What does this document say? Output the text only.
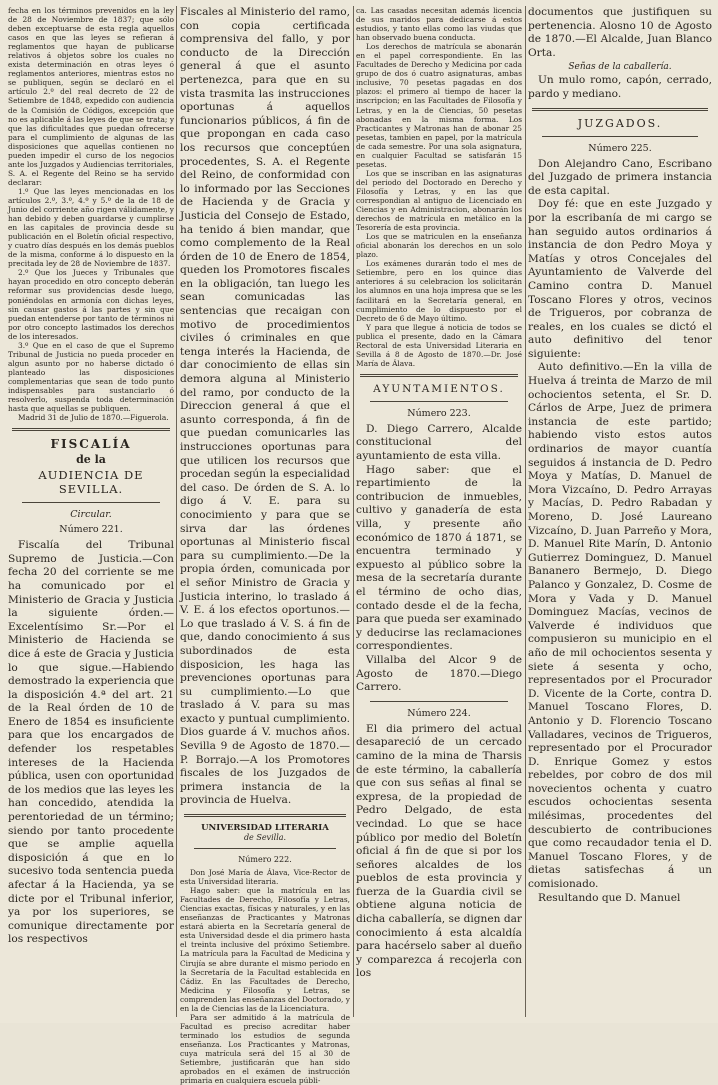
fecha en los términos prevenidos en la ley de 28 de Noviembre de 1837; que sólo deben exceptuarse de esta regla aquellos casos en que las leyes se refieran á reglamentos que hayan de publicarse relativos á objetos sobre los cuales no exista determinación en otras leyes ó reglamentos anteriores, mientras estos no se publiquen, según se declaró en el artículo 2.º del real decreto de 22 de Setiembre de 1848, expedido con audiencia de la Comisión de Códigos, excepción que no es aplicable á las leyes de que se trata; y que las dificultades que puedan ofrecerse para el cumplimiento de algunas de las disposiciones que aquellas contienen no pueden impedir el curso de los negocios ante los Juzgados y Audiencias territoriales, S. A. el Regente del Reino se ha servido declarar:

1.º Que las leyes mencionadas en los artículos 2.º, 3.º, 4.º y 5.º de la de 18 de Junio del corriente año rigen válidamente, y han debido y deben guardarse y cumplirse en las capitales de provincia desde su publicación en el Boletín oficial respectivo, y cuatro días después en los demás pueblos de la misma, conforme á lo dispuesto en la precitada ley de 28 de Noviembre de 1837.

2.º Que los Jueces y Tribunales que hayan procedido en otro concepto deberán reformar sus providencias desde luego, poniéndolas en armonía con dichas leyes, sin causar gastos á las partes y sin que puedan entenderse por tanto de términos ni por otro concepto lastimados los derechos de los interesados.

3.º Que en el caso de que el Supremo Tribunal de Justicia no pueda proceder en algun asunto por no haberse dictado ó planteado las disposiciones complementarias que sean de todo punto indispensables para sustanciarlo ó resolverlo, suspenda toda determinación hasta que aquellas se publiquen.

Madrid 31 de Julio de 1870.—Figuerola.

FISCALÍA
de la
AUDIENCIA DE SEVILLA.
Circular.
Número 221.

Fiscalía del Tribunal Supremo de Justicia.—Con fecha 20 del corriente se me ha comunicado por el Ministerio de Gracia y Justicia la siguiente órden.—Excelentísimo Sr.—Por el Ministerio de Hacienda se dice á este de Gracia y Justicia lo que sigue.—Habiendo demostrado la experiencia que la disposición 4.ª del art. 21 de la Real órden de 10 de Enero de 1854 es insuficiente para que los encargados de defender los respetables intereses de la Hacienda pública, usen con oportunidad de los medios que las leyes les han concedido, atendida la perentoriedad de un término; siendo por tanto procedente que se amplie aquella disposición á que en lo sucesivo toda sentencia pueda afectar á la Hacienda, ya se dicte por el Tribunal inferior, ya por los superiores, se comunique directamente por los respectivos

Fiscales al Ministerio del ramo, con copia certificada comprensiva del fallo, y por conducto de la Dirección general á que el asunto pertenezca, para que en su vista trasmita las instrucciones oportunas á aquellos funcionarios públicos, á fin de que propongan en cada caso los recursos que conceptúen procedentes, S. A. el Regente del Reino, de conformidad con lo informado por las Secciones de Hacienda y de Gracia y Justicia del Consejo de Estado, ha tenido á bien mandar, que como complemento de la Real órden de 10 de Enero de 1854, queden los Promotores fiscales en la obligación, tan luego les sean comunicadas las sentencias que recaigan con motivo de procedimientos civiles ó criminales en que tenga interés la Hacienda, de dar conocimiento de ellas sin demora alguna al Ministerio del ramo, por conducto de la Direccion general á que el asunto corresponda, á fin de que puedan comunicarles las instrucciones oportunas para que utilicen los recursos que procedan según la especialidad del caso. De órden de S. A. lo digo á V. E. para su conocimiento y para que se sirva dar las órdenes oportunas al Ministerio fiscal para su cumplimiento.—De la propia órden, comunicada por el señor Ministro de Gracia y Justicia interino, lo traslado á V. E. á los efectos oportunos.—Lo que traslado á V. S. á fin de que, dando conocimiento á sus subordinados de esta disposicion, les haga las prevenciones oportunas para su cumplimiento.—Lo que traslado á V. para su mas exacto y puntual cumplimiento. Dios guarde á V. muchos años. Sevilla 9 de Agosto de 1870.—P. Borrajo.—A los Promotores fiscales de los Juzgados de primera instancia de la provincia de Huelva.

UNIVERSIDAD LITERARIA
de Sevilla.
Número 222.

Don José María de Álava, Vice-Rector de esta Universidad literaria.

Hago saber: que la matrícula en las Facultades de Derecho, Filosofía y Letras, Ciencias exactas, físicas y naturales, y en las enseñanzas de Practicantes y Matronas estará abierta en la Secretaría general de esta Universidad desde el dia primero hasta el treinta inclusive del próximo Setiembre. La matrícula para la Facultad de Medicina y Cirujía se abre durante el mismo periodo en la Secretaría de la Facultad establecida en Cádiz. En las Facultades de Derecho, Medicina y Filosofía y Letras, se comprenden las enseñanzas del Doctorado, y en la de Ciencias las de la Licenciatura.

Para ser admitido á la matrícula de Facultad es preciso acreditar haber terminado los estudios de segunda enseñanza. Los Practicantes y Matronas, cuya matrícula será del 15 al 30 de Setiembre, justificarán que han sido aprobados en el exámen de instrucción primaria en cualquiera escuela públi-

ca. Las casadas necesitan además licencia de sus maridos para dedicarse á estos estudios, y tanto ellas como las viudas que han observado buena conducta.

Los derechos de matrícula se abonarán en el papel correspondiente. En las Facultades de Derecho y Medicina por cada grupo de dos ó cuatro asignaturas, ambas inclusive, 70 pesetas pagadas en dos plazos: el primero al tiempo de hacer la inscripcion; en las Facultades de Filosofía y Letras, y en la de Ciencias, 50 pesetas abonadas en la misma forma. Los Practicantes y Matronas han de abonar 25 pesetas, tambien en papel, por la matrícula de cada semestre. Por una sola asignatura, en cualquier Facultad se satisfarán 15 pesetas.

Los que se inscriban en las asignaturas del periodo del Doctorado en Derecho y Filosofía y Letras, y en las que correspondian al antiguo de Licenciado en Ciencias y en Administracion, abonarán los derechos de matrícula en metálico en la Tesorería de esta provincia.

Los que se matriculen en la enseñanza oficial abonarán los derechos en un solo plazo.

Los exámenes durarán todo el mes de Setiembre, pero en los quince dias anteriores á su celebracion los solicitarán los alumnos en una hoja impresa que se les facilitará en la Secretaría general, en cumplimiento de lo dispuesto por el Decreto de 6 de Mayo último.

Y para que llegue á noticia de todos se publica el presente, dado en la Cámara Rectoral de esta Universidad Literaria en Sevilla á 8 de Agosto de 1870.—Dr. José María de Álava.

AYUNTAMIENTOS.
Número 223.

D. Diego Carrero, Alcalde constitucional del ayuntamiento de esta villa.

Hago saber: que el repartimiento de la contribucion de inmuebles, cultivo y ganadería de esta villa, y presente año económico de 1870 á 1871, se encuentra terminado y expuesto al público sobre la mesa de la secretaría durante el término de ocho dias, contado desde el de la fecha, para que pueda ser examinado y deducirse las reclamaciones correspondientes.

Villalba del Alcor 9 de Agosto de 1870.—Diego Carrero.

Número 224.

El dia primero del actual desapareció de un cercado camino de la mina de Tharsis de este término, la caballería que con sus señas al final se expresa, de la propiedad de Pedro Delgado, de esta vecindad. Lo que se hace público por medio del Boletín oficial á fin de que si por los señores alcaldes de los pueblos de esta provincia y fuerza de la Guardia civil se obtiene alguna noticia de dicha caballería, se dignen dar conocimiento á esta alcaldía para hacérselo saber al dueño y comparezca á recojerla con los

documentos que justifiquen su pertenencia. Alosno 10 de Agosto de 1870.—El Alcalde, Juan Blanco Orta.

Señas de la caballería.

Un mulo romo, capón, cerrado, pardo y mediano.

JUZGADOS.
Número 225.

Don Alejandro Cano, Escribano del Juzgado de primera instancia de esta capital.

Doy fé: que en este Juzgado y por la escribanía de mi cargo se han seguido autos ordinarios á instancia de don Pedro Moya y Matías y otros Concejales del Ayuntamiento de Valverde del Camino contra D. Manuel Toscano Flores y otros, vecinos de Trigueros, por cobranza de reales, en los cuales se dictó el auto definitivo del tenor siguiente:

Auto definitivo.—En la villa de Huelva á treinta de Marzo de mil ochocientos setenta, el Sr. D. Cárlos de Arpe, Juez de primera instancia de este partido; habiendo visto estos autos ordinarios de mayor cuantía seguidos á instancia de D. Pedro Moya y Matías, D. Manuel de Mora Vizcaíno, D. Pedro Arrayas y Macías, D. Pedro Rabadan y Moreno, D. José Laureano Vizcaíno, D. Juan Parreño y Mora, D. Manuel Rite Marín, D. Antonio Gutierrez Dominguez, D. Manuel Bananero Bermejo, D. Diego Palanco y Gonzalez, D. Cosme de Mora y Vada y D. Manuel Dominguez Macías, vecinos de Valverde é individuos que compusieron su municipio en el año de mil ochocientos sesenta y siete á sesenta y ocho, representados por el Procurador D. Vicente de la Corte, contra D. Manuel Toscano Flores, D. Antonio y D. Florencio Toscano Valladares, vecinos de Trigueros, representado por el Procurador D. Enrique Gomez y estos rebeldes, por cobro de dos mil novecientos ochenta y cuatro escudos ochocientas sesenta milésimas, procedentes del descubierto de contribuciones que como recaudador tenia el D. Manuel Toscano Flores, y de dietas satisfechas á un comisionado.

Resultando que D. Manuel
